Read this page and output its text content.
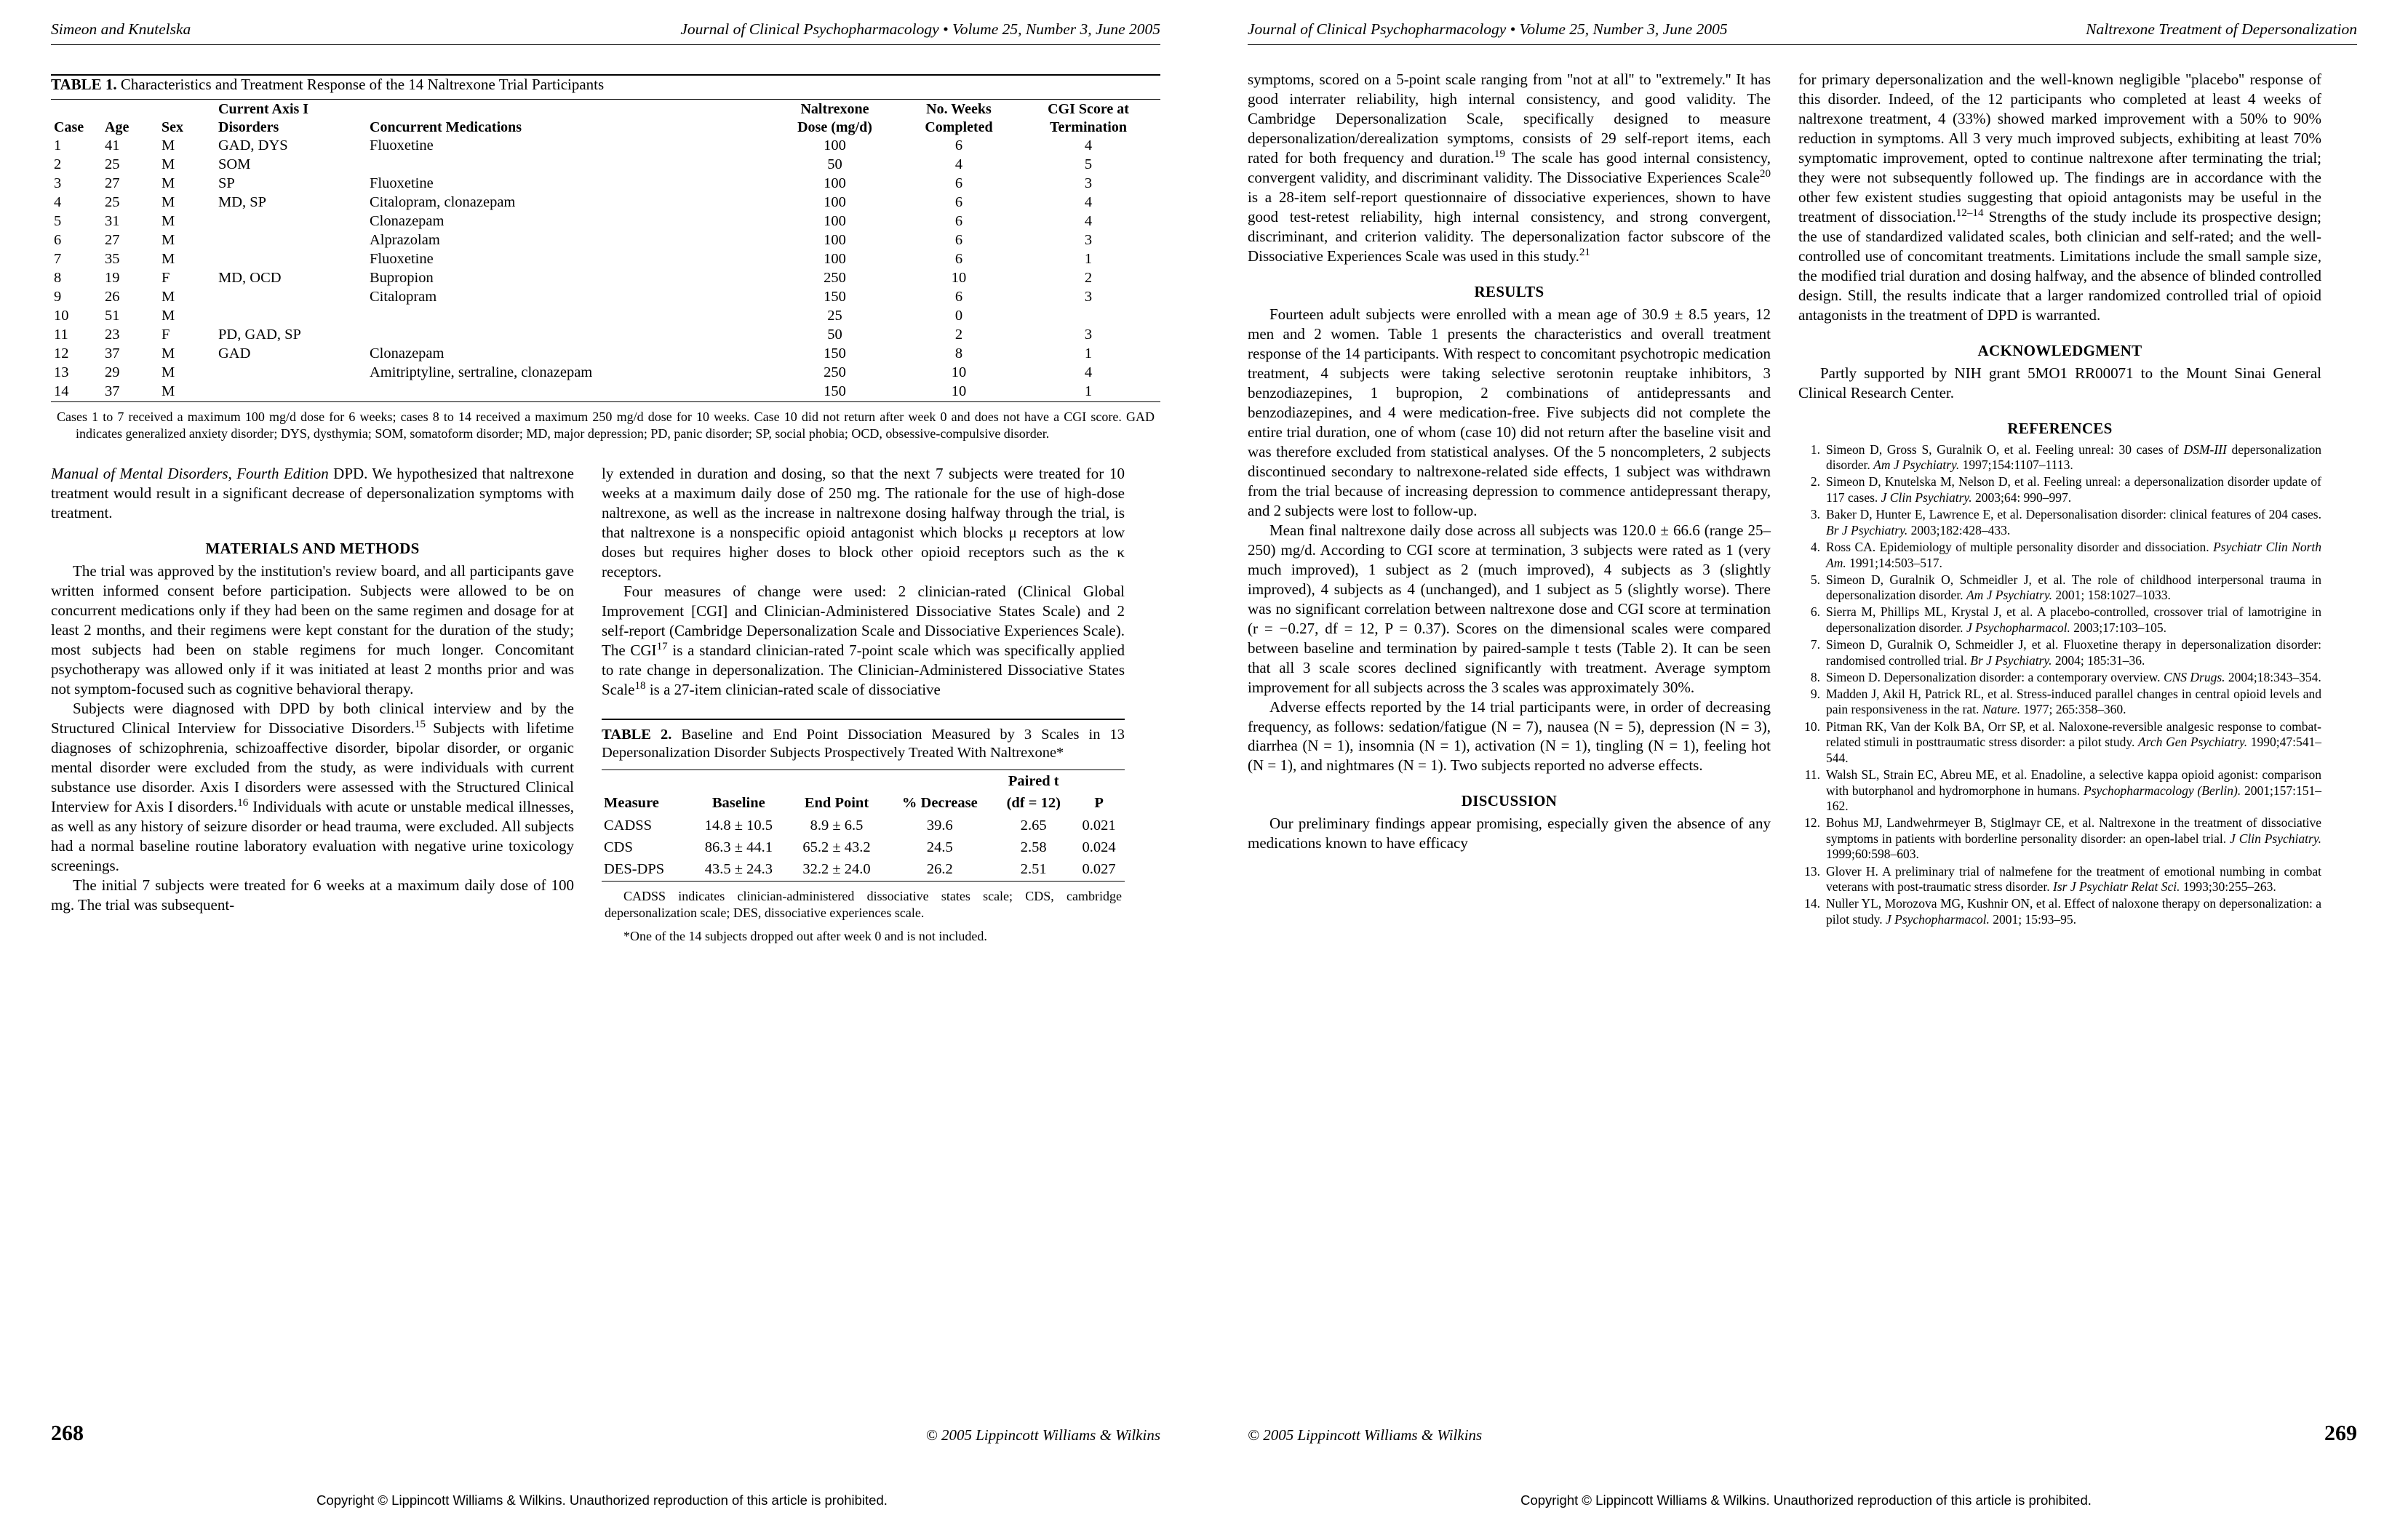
Simeon and Knutelska	Journal of Clinical Psychopharmacology • Volume 25, Number 3, June 2005
TABLE 1. Characteristics and Treatment Response of the 14 Naltrexone Trial Participants
			Current Axis I		Naltrexone	No. Weeks	CGI Score at
Case	Age	Sex	Disorders	Concurrent Medications	Dose (mg/d)	Completed	Termination
1	41	M	GAD, DYS	Fluoxetine	100	6	4
2	25	M	SOM		50	4	5
3	27	M	SP	Fluoxetine	100	6	3
4	25	M	MD, SP	Citalopram, clonazepam	100	6	4
5	31	M		Clonazepam	100	6	4
6	27	M		Alprazolam	100	6	3
7	35	M		Fluoxetine	100	6	1
8	19	F	MD, OCD	Bupropion	250	10	2
9	26	M		Citalopram	150	6	3
10	51	M			25	0	
11	23	F	PD, GAD, SP		50	2	3
12	37	M	GAD	Clonazepam	150	8	1
13	29	M		Amitriptyline, sertraline, clonazepam	250	10	4
14	37	M			150	10	1
Cases 1 to 7 received a maximum 100 mg/d dose for 6 weeks; cases 8 to 14 received a maximum 250 mg/d dose for 10 weeks. Case 10 did not return after week 0 and does not have a CGI score. GAD indicates generalized anxiety disorder; DYS, dysthymia; SOM, somatoform disorder; MD, major depression; PD, panic disorder; SP, social phobia; OCD, obsessive-compulsive disorder.

Manual of Mental Disorders, Fourth Edition DPD. We hypothesized that naltrexone treatment would result in a significant decrease of depersonalization symptoms with treatment.

MATERIALS AND METHODS

The trial was approved by the institution's review board, and all participants gave written informed consent before participation. Subjects were allowed to be on concurrent medications only if they had been on the same regimen and dosage for at least 2 months, and their regimens were kept constant for the duration of the study; most subjects had been on stable regimens for much longer. Concomitant psychotherapy was allowed only if it was initiated at least 2 months prior and was not symptom-focused such as cognitive behavioral therapy.

Subjects were diagnosed with DPD by both clinical interview and by the Structured Clinical Interview for Dissociative Disorders.$^{15}$ Subjects with lifetime diagnoses of schizophrenia, schizoaffective disorder, bipolar disorder, or organic mental disorder were excluded from the study, as were individuals with current substance use disorder. Axis I disorders were assessed with the Structured Clinical Interview for Axis I disorders.$^{16}$ Individuals with acute or unstable medical illnesses, as well as any history of seizure disorder or head trauma, were excluded. All subjects had a normal baseline routine laboratory evaluation with negative urine toxicology screenings.

The initial 7 subjects were treated for 6 weeks at a maximum daily dose of 100 mg. The trial was subsequent-

ly extended in duration and dosing, so that the next 7 subjects were treated for 10 weeks at a maximum daily dose of 250 mg. The rationale for the use of high-dose naltrexone, as well as the increase in naltrexone dosing halfway through the trial, is that naltrexone is a nonspecific opioid antagonist which blocks μ receptors at low doses but requires higher doses to block other opioid receptors such as the κ receptors.

Four measures of change were used: 2 clinician-rated (Clinical Global Improvement [CGI] and Clinician-Administered Dissociative States Scale) and 2 self-report (Cambridge Depersonalization Scale and Dissociative Experiences Scale). The CGI$^{17}$ is a standard clinician-rated 7-point scale which was specifically applied to rate change in depersonalization. The Clinician-Administered Dissociative States Scale$^{18}$ is a 27-item clinician-rated scale of dissociative

TABLE 2. Baseline and End Point Dissociation Measured by 3 Scales in 13 Depersonalization Disorder Subjects Prospectively Treated With Naltrexone*
				Paired t	
Measure	Baseline	End Point	% Decrease	(df = 12)	P
CADSS	14.8 ± 10.5	8.9 ± 6.5	39.6	2.65	0.021
CDS	86.3 ± 44.1	65.2 ± 43.2	24.5	2.58	0.024
DES-DPS	43.5 ± 24.3	32.2 ± 24.0	26.2	2.51	0.027
CADSS indicates clinician-administered dissociative states scale; CDS, cambridge depersonalization scale; DES, dissociative experiences scale.
*One of the 14 subjects dropped out after week 0 and is not included.
268	© 2005 Lippincott Williams & Wilkins
Journal of Clinical Psychopharmacology • Volume 25, Number 3, June 2005	Naltrexone Treatment of Depersonalization

symptoms, scored on a 5-point scale ranging from ''not at all'' to ''extremely.'' It has good interrater reliability, high internal consistency, and good validity. The Cambridge Depersonalization Scale, specifically designed to measure depersonalization/derealization symptoms, consists of 29 self-report items, each rated for both frequency and duration.$^{19}$ The scale has good internal consistency, convergent validity, and discriminant validity. The Dissociative Experiences Scale$^{20}$ is a 28-item self-report questionnaire of dissociative experiences, shown to have good test-retest reliability, high internal consistency, and strong convergent, discriminant, and criterion validity. The depersonalization factor subscore of the Dissociative Experiences Scale was used in this study.$^{21}$

RESULTS

Fourteen adult subjects were enrolled with a mean age of 30.9 ± 8.5 years, 12 men and 2 women. Table 1 presents the characteristics and overall treatment response of the 14 participants. With respect to concomitant psychotropic medication treatment, 4 subjects were taking selective serotonin reuptake inhibitors, 3 benzodiazepines, 1 bupropion, 2 combinations of antidepressants and benzodiazepines, and 4 were medication-free. Five subjects did not complete the entire trial duration, one of whom (case 10) did not return after the baseline visit and was therefore excluded from statistical analyses. Of the 5 noncompleters, 2 subjects discontinued secondary to naltrexone-related side effects, 1 subject was withdrawn from the trial because of increasing depression to commence antidepressant therapy, and 2 subjects were lost to follow-up.

Mean final naltrexone daily dose across all subjects was 120.0 ± 66.6 (range 25–250) mg/d. According to CGI score at termination, 3 subjects were rated as 1 (very much improved), 1 subject as 2 (much improved), 4 subjects as 3 (slightly improved), 4 subjects as 4 (unchanged), and 1 subject as 5 (slightly worse). There was no significant correlation between naltrexone dose and CGI score at termination (r = −0.27, df = 12, P = 0.37). Scores on the dimensional scales were compared between baseline and termination by paired-sample t tests (Table 2). It can be seen that all 3 scale scores declined significantly with treatment. Average symptom improvement for all subjects across the 3 scales was approximately 30%.

Adverse effects reported by the 14 trial participants were, in order of decreasing frequency, as follows: sedation/fatigue (N = 7), nausea (N = 5), depression (N = 3), diarrhea (N = 1), insomnia (N = 1), activation (N = 1), tingling (N = 1), feeling hot (N = 1), and nightmares (N = 1). Two subjects reported no adverse effects.

DISCUSSION

Our preliminary findings appear promising, especially given the absence of any medications known to have efficacy

for primary depersonalization and the well-known negligible ''placebo'' response of this disorder. Indeed, of the 12 participants who completed at least 4 weeks of naltrexone treatment, 4 (33%) showed marked improvement with a 50% to 90% reduction in symptoms. All 3 very much improved subjects, exhibiting at least 70% symptomatic improvement, opted to continue naltrexone after terminating the trial; they were not subsequently followed up. The findings are in accordance with the other few existent studies suggesting that opioid antagonists may be useful in the treatment of dissociation.$^{12-14}$ Strengths of the study include its prospective design; the use of standardized validated scales, both clinician and self-rated; and the well-controlled use of concomitant treatments. Limitations include the small sample size, the modified trial duration and dosing halfway, and the absence of blinded controlled design. Still, the results indicate that a larger randomized controlled trial of opioid antagonists in the treatment of DPD is warranted.

ACKNOWLEDGMENT

Partly supported by NIH grant 5MO1 RR00071 to the Mount Sinai General Clinical Research Center.

REFERENCES
1. Simeon D, Gross S, Guralnik O, et al. Feeling unreal: 30 cases of DSM-III depersonalization disorder. Am J Psychiatry. 1997;154:1107–1113.
2. Simeon D, Knutelska M, Nelson D, et al. Feeling unreal: a depersonalization disorder update of 117 cases. J Clin Psychiatry. 2003;64: 990–997.
3. Baker D, Hunter E, Lawrence E, et al. Depersonalisation disorder: clinical features of 204 cases. Br J Psychiatry. 2003;182:428–433.
4. Ross CA. Epidemiology of multiple personality disorder and dissociation. Psychiatr Clin North Am. 1991;14:503–517.
5. Simeon D, Guralnik O, Schmeidler J, et al. The role of childhood interpersonal trauma in depersonalization disorder. Am J Psychiatry. 2001; 158:1027–1033.
6. Sierra M, Phillips ML, Krystal J, et al. A placebo-controlled, crossover trial of lamotrigine in depersonalization disorder. J Psychopharmacol. 2003;17:103–105.
7. Simeon D, Guralnik O, Schmeidler J, et al. Fluoxetine therapy in depersonalization disorder: randomised controlled trial. Br J Psychiatry. 2004; 185:31–36.
8. Simeon D. Depersonalization disorder: a contemporary overview. CNS Drugs. 2004;18:343–354.
9. Madden J, Akil H, Patrick RL, et al. Stress-induced parallel changes in central opioid levels and pain responsiveness in the rat. Nature. 1977; 265:358–360.
10. Pitman RK, Van der Kolk BA, Orr SP, et al. Naloxone-reversible analgesic response to combat-related stimuli in posttraumatic stress disorder: a pilot study. Arch Gen Psychiatry. 1990;47:541–544.
11. Walsh SL, Strain EC, Abreu ME, et al. Enadoline, a selective kappa opioid agonist: comparison with butorphanol and hydromorphone in humans. Psychopharmacology (Berlin). 2001;157:151–162.
12. Bohus MJ, Landwehrmeyer B, Stiglmayr CE, et al. Naltrexone in the treatment of dissociative symptoms in patients with borderline personality disorder: an open-label trial. J Clin Psychiatry. 1999;60:598–603.
13. Glover H. A preliminary trial of nalmefene for the treatment of emotional numbing in combat veterans with post-traumatic stress disorder. Isr J Psychiatr Relat Sci. 1993;30:255–263.
14. Nuller YL, Morozova MG, Kushnir ON, et al. Effect of naloxone therapy on depersonalization: a pilot study. J Psychopharmacol. 2001; 15:93–95.
© 2005 Lippincott Williams & Wilkins	269
Copyright © Lippincott Williams & Wilkins. Unauthorized reproduction of this article is prohibited.	Copyright © Lippincott Williams & Wilkins. Unauthorized reproduction of this article is prohibited.
